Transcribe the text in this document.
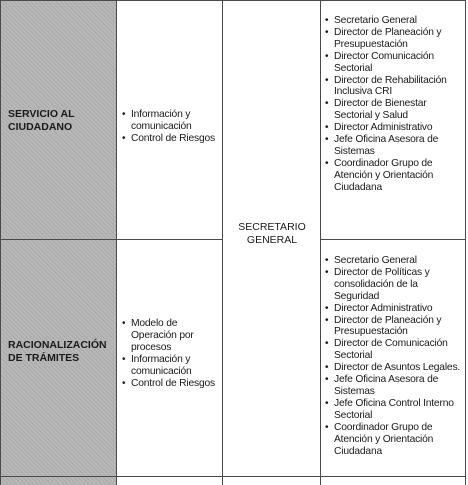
SERVICIO AL
CIUDADANO
• Información y comunicación
• Control de Riesgos
• Secretario General
• Director de Planeación y Presupuestación
• Director Comunicación Sectorial
• Director de Rehabilitación Inclusiva CRI
• Director de Bienestar Sectorial y Salud
• Director Administrativo
• Jefe Oficina Asesora de Sistemas
• Coordinador Grupo de Atención y Orientación Ciudadana
SECRETARIO
GENERAL
RACIONALIZACIÓN
DE TRÁMITES
• Modelo de Operación por procesos
• Información y comunicación
• Control de Riesgos
• Secretario General
• Director de Políticas y consolidación de la Seguridad
• Director Administrativo
• Director de Planeación y Presupuestación
• Director de Comunicación Sectorial
• Director de Asuntos Legales.
• Jefe Oficina Asesora de Sistemas
• Jefe Oficina Control Interno Sectorial
• Coordinador Grupo de Atención y Orientación Ciudadana
